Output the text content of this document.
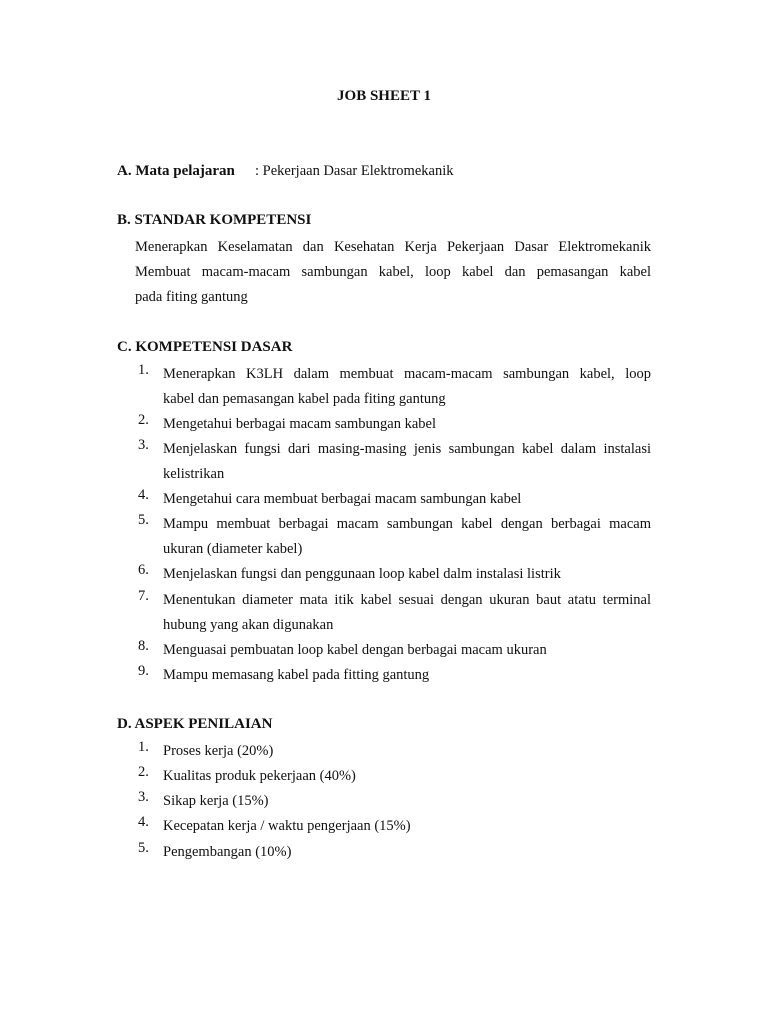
JOB SHEET 1
A. Mata pelajaran : Pekerjaan Dasar Elektromekanik
B. STANDAR KOMPETENSI
Menerapkan Keselamatan dan Kesehatan Kerja Pekerjaan Dasar Elektromekanik
Membuat macam-macam sambungan kabel, loop kabel dan pemasangan kabel
pada fiting gantung
C. KOMPETENSI DASAR
1. Menerapkan K3LH dalam membuat macam-macam sambungan kabel, loop
kabel dan pemasangan kabel pada fiting gantung
2. Mengetahui berbagai macam sambungan kabel
3. Menjelaskan fungsi dari masing-masing jenis sambungan kabel dalam instalasi
kelistrikan
4. Mengetahui cara membuat berbagai macam sambungan kabel
5. Mampu membuat berbagai macam sambungan kabel dengan berbagai macam
ukuran (diameter kabel)
6. Menjelaskan fungsi dan penggunaan loop kabel dalm instalasi listrik
7. Menentukan diameter mata itik kabel sesuai dengan ukuran baut atatu terminal
hubung yang akan digunakan
8. Menguasai pembuatan loop kabel dengan berbagai macam ukuran
9. Mampu memasang kabel pada fitting gantung
D. ASPEK PENILAIAN
1. Proses kerja (20%)
2. Kualitas produk pekerjaan (40%)
3. Sikap kerja (15%)
4. Kecepatan kerja / waktu pengerjaan (15%)
5. Pengembangan (10%)
